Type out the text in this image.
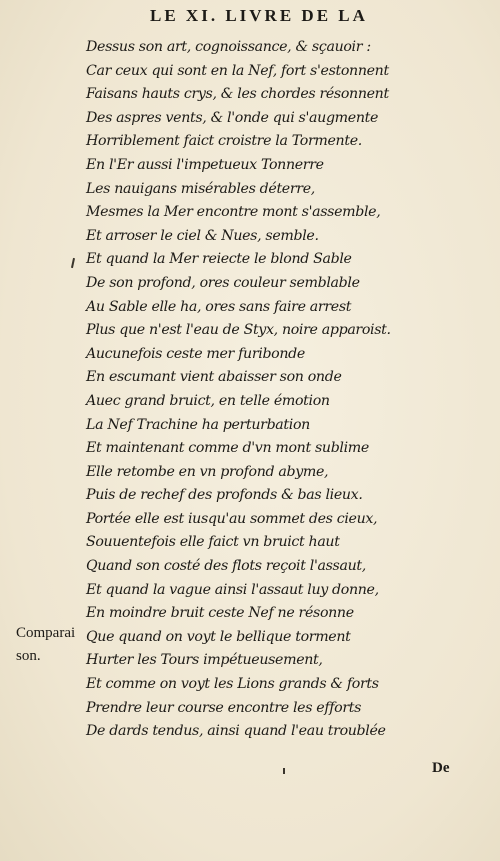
LE XI. LIVRE DE LA
Dessus son art, cognoissance, & sçauoir :
Car ceux qui sont en la Nef, fort s'estonnent
Faisans hauts crys, & les chordes résonnent
Des aspres vents, & l'onde qui s'augmente
Horriblement faict croistre la Tormente.
En l'Er aussi l'impetueux Tonnerre
Les nauigans misérables déterre,
Mesmes la Mer encontre mont s'assemble,
Et arroser le ciel & Nues, semble.
Et quand la Mer reiecte le blond Sable
De son profond, ores couleur semblable
Au Sable elle ha, ores sans faire arrest
Plus que n'est l'eau de Styx, noire apparoist.
Aucunefois ceste mer furibonde
En escumant vient abaisser son onde
Auec grand bruict, en telle émotion
La Nef Trachine ha perturbation
Et maintenant comme d'vn mont sublime
Elle retombe en vn profond abyme,
Puis de rechef des profonds & bas lieux.
Portée elle est iusqu'au sommet des cieux,
Souuentefois elle faict vn bruict haut
Quand son costé des flots reçoit l'assaut,
Et quand la vague ainsi l'assaut luy donne,
En moindre bruit ceste Nef ne résonne
Que quand on voyt le bellique torment
Hurter les Tours impétueusement,
Et comme on voyt les Lions grands & forts
Prendre leur course encontre les efforts
De dards tendus, ainsi quand l'eau troublée
Comparai
son.
De
